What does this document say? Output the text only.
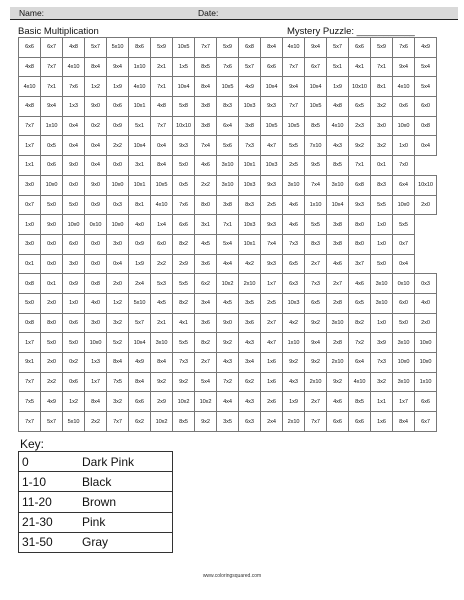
Name:	Date:
Basic Multiplication	Mystery Puzzle: ___________
6x6	6x7	4x8	5x7	5x10	8x6	5x9	10x5	7x7	5x9	6x8	8x4	4x10	9x4	5x7	6x6	5x9	7x6	4x9
4x8	7x7	4x10	8x4	9x4	1x10	2x1	1x5	8x5	7x6	5x7	6x6	7x7	6x7	5x1	4x1	7x1	9x4	5x4
4x10	7x1	7x6	1x2	1x9	4x10	7x1	10x4	8x4	10x5	4x9	10x4	9x4	10x4	1x9	10x10	8x1	4x10	5x4
4x8	9x4	1x3	9x0	0x6	10x1	4x8	5x8	3x8	8x3	10x3	9x3	7x7	10x5	4x8	6x5	3x2	0x6	6x0
7x7	1x10	0x4	0x2	0x9	5x1	7x7	10x10	3x8	6x4	3x8	10x5	10x5	8x5	4x10	2x3	3x0	10x0	0x8
1x7	0x5	0x4	0x4	2x2	10x4	0x4	9x3	7x4	5x6	7x3	4x7	5x5	7x10	4x3	9x2	3x2	1x0	0x4
1x1	0x6	9x0	0x4	0x0	3x1	8x4	5x0	4x6	3x10	10x1	10x3	2x5	9x5	8x5	7x1	0x1	7x0	
3x0	10x0	0x0	9x0	10x0	10x1	10x5	0x5	2x2	3x10	10x3	9x3	3x10	7x4	3x10	6x8	8x3	6x4	10x10
0x7	5x0	5x0	0x9	0x3	8x1	4x10	7x6	8x0	3x8	8x3	2x5	4x6	1x10	10x4	9x3	5x5	10x0	2x0
1x0	9x0	10x0	0x10	10x0	4x0	1x4	6x6	3x1	7x1	10x3	9x3	4x6	5x5	3x8	8x0	1x0	5x5	
3x0	0x0	6x0	0x0	3x0	0x9	6x0	8x2	4x5	5x4	10x1	7x4	7x3	8x3	3x8	8x0	1x0	0x7	
0x1	0x0	3x0	0x0	0x4	1x9	2x2	2x9	3x6	4x4	4x2	9x3	6x5	2x7	4x6	3x7	5x0	0x4	
0x8	0x1	0x9	0x8	2x0	2x4	5x3	5x5	6x2	10x2	2x10	1x7	6x3	7x3	2x7	4x6	3x10	0x10	0x3
5x0	2x0	1x0	4x0	1x2	5x10	4x5	8x2	3x4	4x5	3x5	2x5	10x3	6x5	2x8	6x5	3x10	6x0	4x0
0x8	8x0	0x6	3x0	3x2	5x7	2x1	4x1	3x6	9x0	3x6	2x7	4x2	9x2	3x10	8x2	1x0	5x0	2x0
1x7	5x0	5x0	10x0	5x2	10x4	3x10	5x5	8x2	9x2	4x3	4x7	1x10	9x4	2x8	7x2	3x9	3x10	10x0
9x1	2x0	0x2	1x3	8x4	4x9	8x4	7x3	2x7	4x3	3x4	1x6	9x2	9x2	2x10	6x4	7x3	10x0	10x0
7x7	2x2	0x6	1x7	7x5	8x4	9x2	9x2	5x4	7x2	6x2	1x6	4x3	2x10	9x2	4x10	3x2	3x10	1x10
7x5	4x9	1x2	8x4	3x2	6x6	2x9	10x2	10x2	4x4	4x3	2x6	1x9	2x7	4x6	8x5	1x1	1x7	6x6
7x7	5x7	5x10	2x2	7x7	6x2	10x2	8x5	9x2	3x5	6x3	2x4	2x10	7x7	6x6	6x6	1x6	8x4	6x7
Key:
0	Dark Pink
1-10	Black
11-20	Brown
21-30	Pink
31-50	Gray
www.coloringsquared.com
